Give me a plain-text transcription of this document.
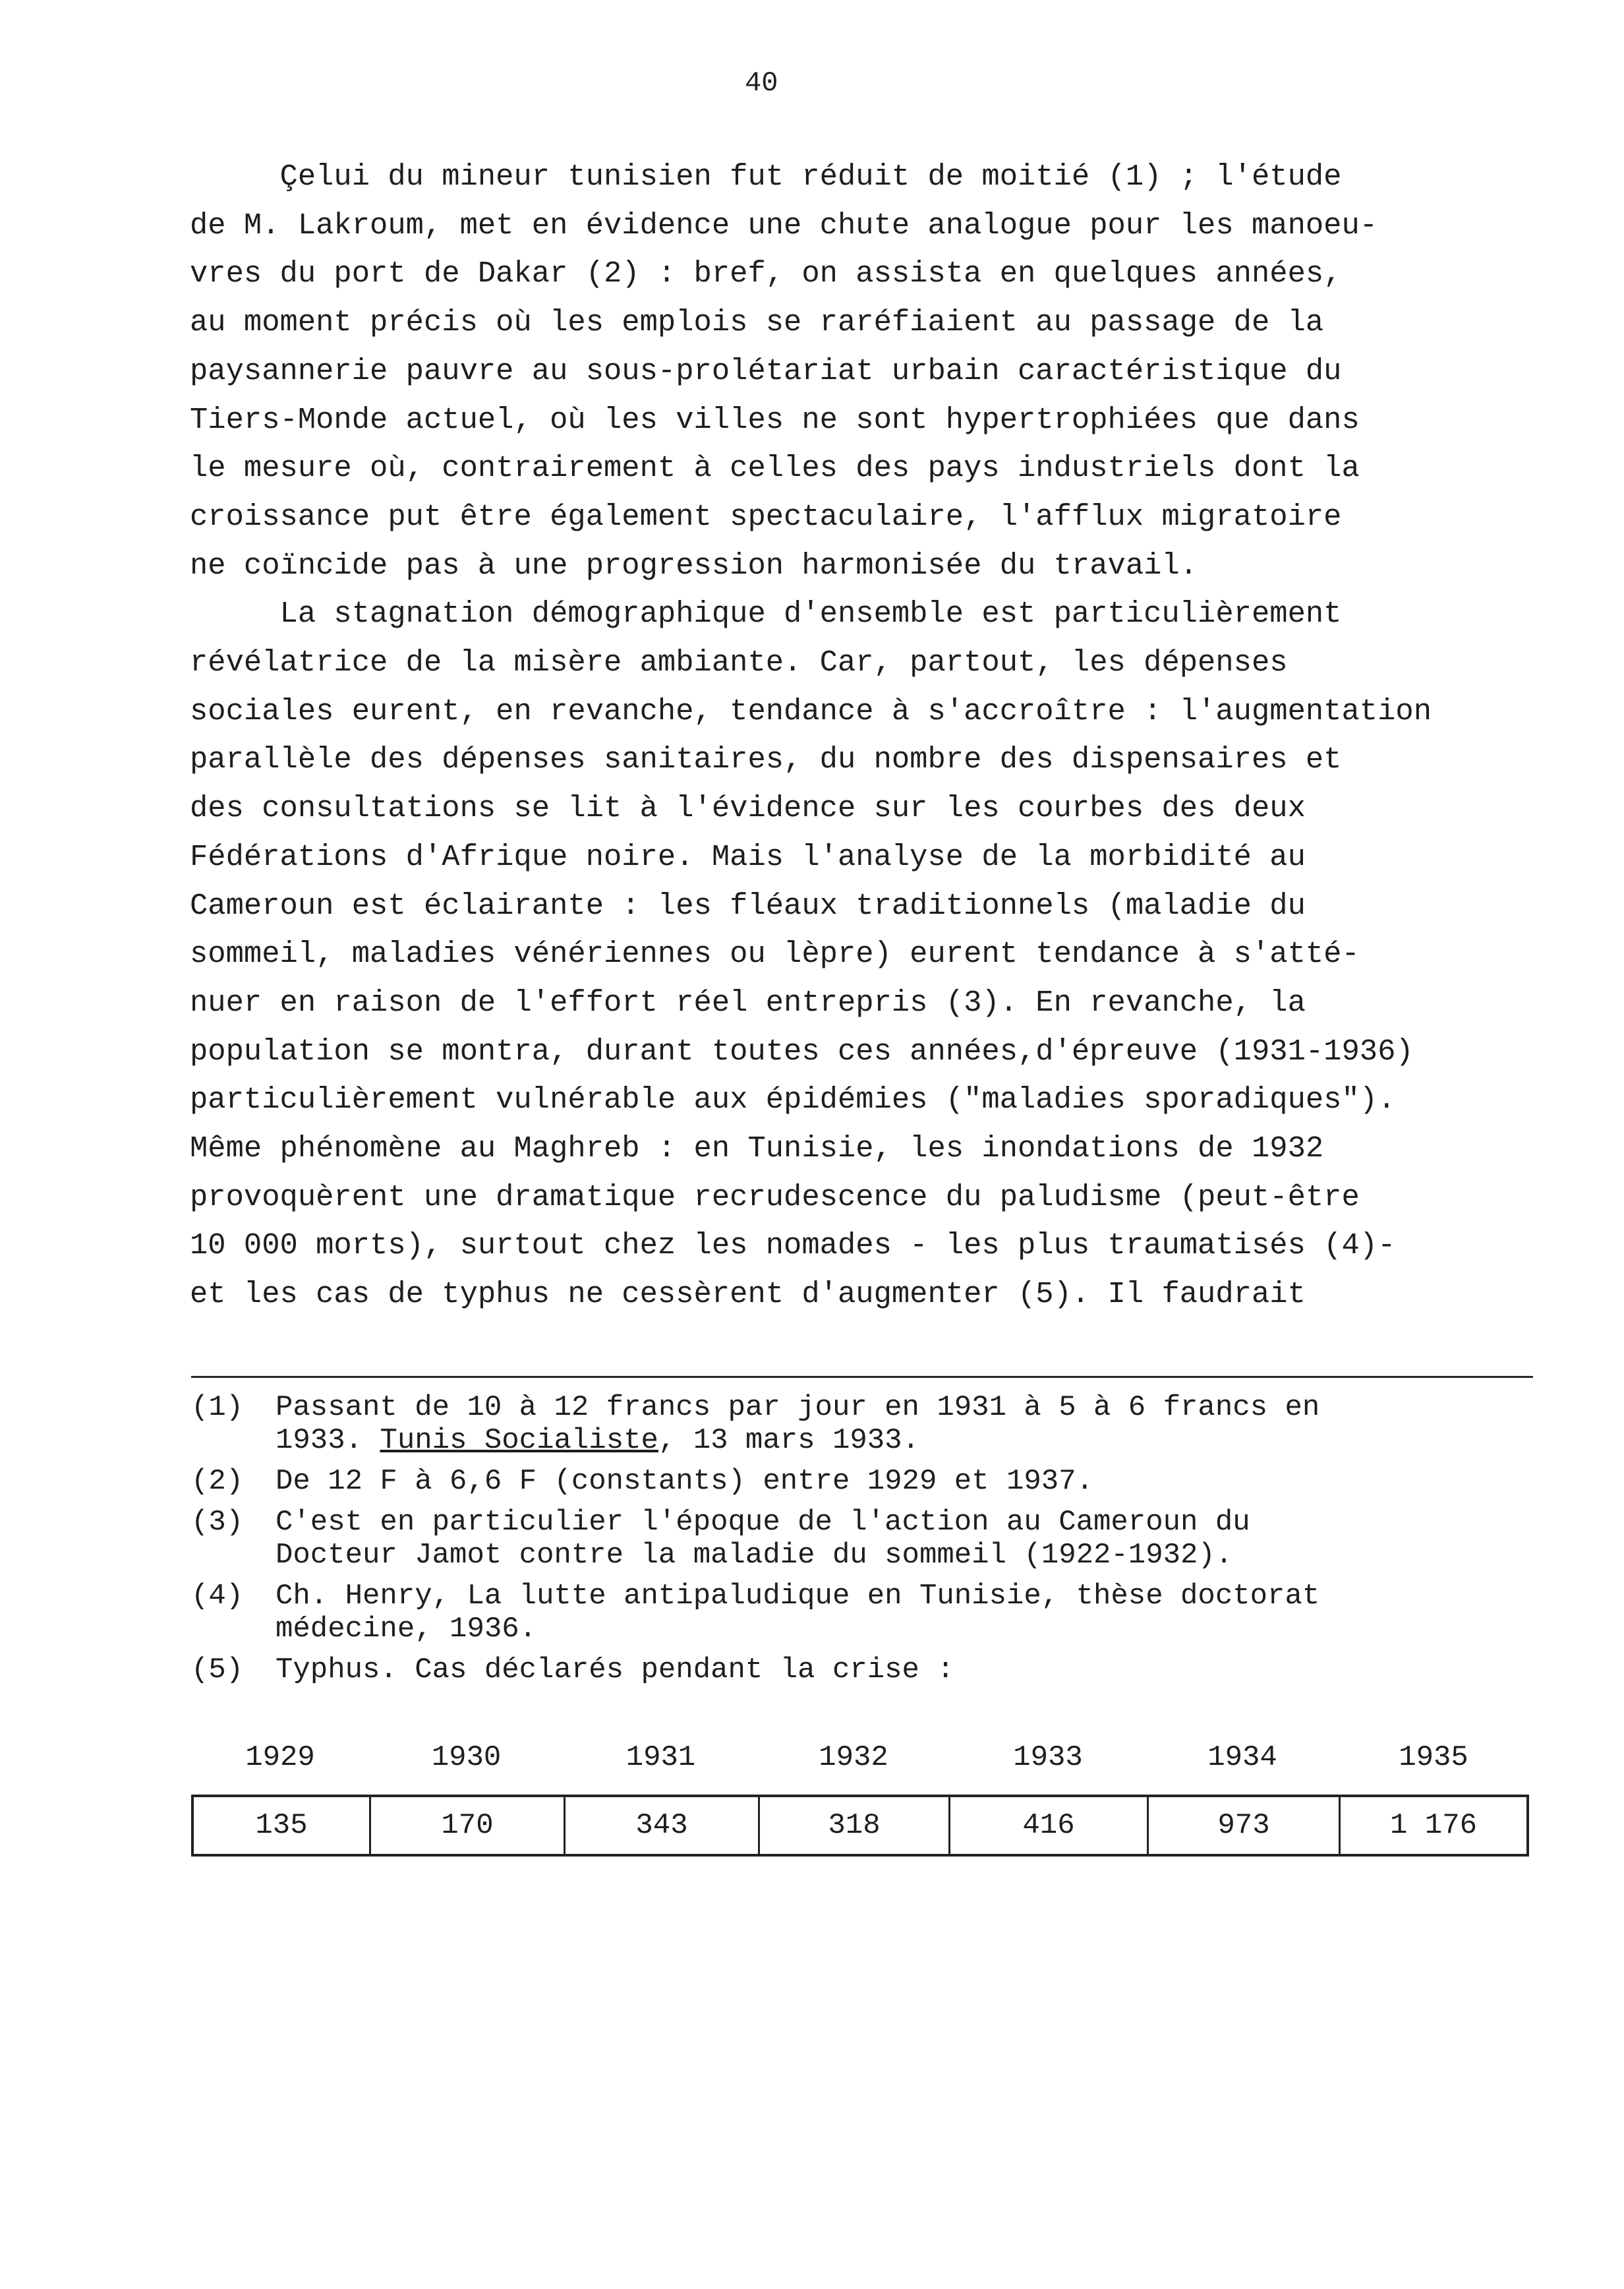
40
Çelui du mineur tunisien fut réduit de moitié (1) ; l'étude
de M. Lakroum, met en évidence une chute analogue pour les manoeu-
vres du port de Dakar (2) : bref, on assista en quelques années,
au moment précis où les emplois se raréfiaient au passage de la
paysannerie pauvre au sous-prolétariat urbain caractéristique du
Tiers-Monde actuel, où les villes ne sont hypertrophiées que dans
le mesure où, contrairement à celles des pays industriels dont la
croissance put être également spectaculaire, l'afflux migratoire
ne coïncide pas à une progression harmonisée du travail.
La stagnation démographique d'ensemble est particulièrement
révélatrice de la misère ambiante. Car, partout, les dépenses
sociales eurent, en revanche, tendance à s'accroître : l'augmentation
parallèle des dépenses sanitaires, du nombre des dispensaires et
des consultations se lit à l'évidence sur les courbes des deux
Fédérations d'Afrique noire. Mais l'analyse de la morbidité au
Cameroun est éclairante : les fléaux traditionnels (maladie du
sommeil, maladies vénériennes ou lèpre) eurent tendance à s'atté-
nuer en raison de l'effort réel entrepris (3). En revanche, la
population se montra, durant toutes ces années,d'épreuve (1931-1936)
particulièrement vulnérable aux épidémies ("maladies sporadiques").
Même phénomène au Maghreb : en Tunisie, les inondations de 1932
provoquèrent une dramatique recrudescence du paludisme (peut-être
10 000 morts), surtout chez les nomades - les plus traumatisés (4)-
et les cas de typhus ne cessèrent d'augmenter (5). Il faudrait
(1)	Passant de 10 à 12 francs par jour en 1931 à 5 à 6 francs en
1933. Tunis Socialiste, 13 mars 1933.
(2)	De 12 F à 6,6 F (constants) entre 1929 et 1937.
(3)	C'est en particulier l'époque de l'action au Cameroun du
Docteur Jamot contre la maladie du sommeil (1922-1932).
(4)	Ch. Henry, La lutte antipaludique en Tunisie, thèse doctorat
médecine, 1936.
(5)	Typhus. Cas déclarés pendant la crise :
1929	1930	1931	1932	1933	1934	1935
135	170	343	318	416	973	1 176
